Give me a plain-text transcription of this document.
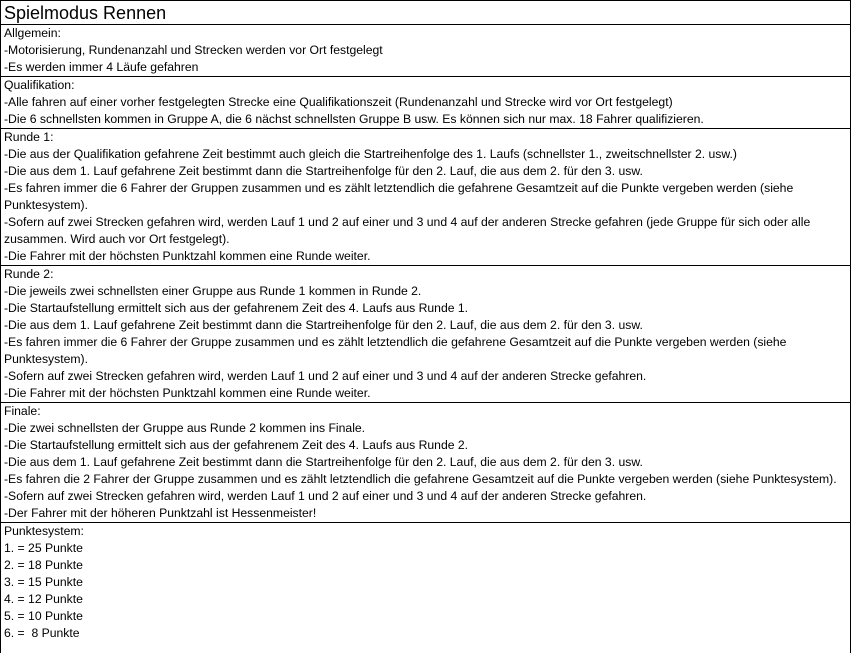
Spielmodus Rennen
Allgemein:
-Motorisierung, Rundenanzahl und Strecken werden vor Ort festgelegt
-Es werden immer 4 Läufe gefahren
Qualifikation:
-Alle fahren auf einer vorher festgelegten Strecke eine Qualifikationszeit (Rundenanzahl und Strecke wird vor Ort festgelegt)
-Die 6 schnellsten kommen in Gruppe A, die 6 nächst schnellsten Gruppe B usw. Es können sich nur max. 18 Fahrer qualifizieren.
Runde 1:
-Die aus der Qualifikation gefahrene Zeit bestimmt auch gleich die Startreihenfolge des 1. Laufs (schnellster 1., zweitschnellster 2. usw.)
-Die aus dem 1. Lauf gefahrene Zeit bestimmt dann die Startreihenfolge für den 2. Lauf, die aus dem 2. für den 3. usw.
-Es fahren immer die 6 Fahrer der Gruppen zusammen und es zählt letztendlich die gefahrene Gesamtzeit auf die Punkte vergeben werden (siehe Punktesystem).
-Sofern auf zwei Strecken gefahren wird, werden Lauf 1 und 2 auf einer und 3 und 4 auf der anderen Strecke gefahren (jede Gruppe für sich oder alle zusammen. Wird auch vor Ort festgelegt).
-Die Fahrer mit der höchsten Punktzahl kommen eine Runde weiter.
Runde 2:
-Die jeweils zwei schnellsten einer Gruppe aus Runde 1 kommen in Runde 2.
-Die Startaufstellung ermittelt sich aus der gefahrenem Zeit des 4. Laufs aus Runde 1.
-Die aus dem 1. Lauf gefahrene Zeit bestimmt dann die Startreihenfolge für den 2. Lauf, die aus dem 2. für den 3. usw.
-Es fahren immer die 6 Fahrer der Gruppe zusammen und es zählt letztendlich die gefahrene Gesamtzeit auf die Punkte vergeben werden (siehe Punktesystem).
-Sofern auf zwei Strecken gefahren wird, werden Lauf 1 und 2 auf einer und 3 und 4 auf der anderen Strecke gefahren.
-Die Fahrer mit der höchsten Punktzahl kommen eine Runde weiter.
Finale:
-Die zwei schnellsten der Gruppe aus Runde 2 kommen ins Finale.
-Die Startaufstellung ermittelt sich aus der gefahrenem Zeit des 4. Laufs aus Runde 2.
-Die aus dem 1. Lauf gefahrene Zeit bestimmt dann die Startreihenfolge für den 2. Lauf, die aus dem 2. für den 3. usw.
-Es fahren die 2 Fahrer der Gruppe zusammen und es zählt letztendlich die gefahrene Gesamtzeit auf die Punkte vergeben werden (siehe Punktesystem).
-Sofern auf zwei Strecken gefahren wird, werden Lauf 1 und 2 auf einer und 3 und 4 auf der anderen Strecke gefahren.
-Der Fahrer mit der höheren Punktzahl ist Hessenmeister!
Punktesystem:
1. = 25 Punkte
2. = 18 Punkte
3. = 15 Punkte
4. = 12 Punkte
5. = 10 Punkte
6. =  8 Punkte
